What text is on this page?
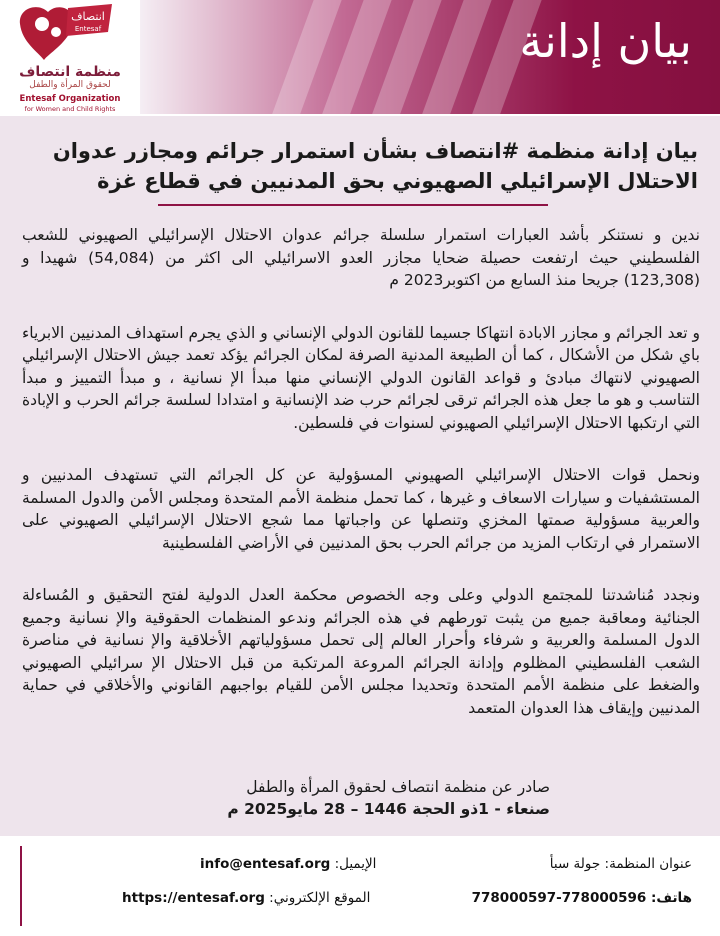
انتصاف
Entesaf
منظمة انتصاف
لحقوق المرأة والطفل
Entesaf Organization
for Women and Child Rights
بيان إدانة
بيان إدانة منظمة #انتصاف بشأن استمرار جرائم ومجازر عدوان الاحتلال الإسرائيلي الصهيوني بحق المدنيين في قطاع غزة

ندين و نستنكر بأشد العبارات استمرار سلسلة جرائم عدوان الاحتلال الإسرائيلي الصهيوني للشعب الفلسطيني حيث ارتفعت حصيلة ضحايا مجازر العدو الاسرائيلي الى اكثر من (54,084) شهيدا و (123,308) جريحا منذ السابع من اكتوبر2023 م

و تعد الجرائم و مجازر الابادة انتهاكا جسيما للقانون الدولي الإنساني و الذي يجرم استهداف المدنيين الابرياء باي شكل من الأشكال ، كما أن الطبيعة المدنية الصرفة لمكان الجرائم يؤكد تعمد جيش الاحتلال الإسرائيلي الصهيوني لانتهاك مبادئ و قواعد القانون الدولي الإنساني منها مبدأ الإ نسانية ، و مبدأ التمييز و مبدأ التناسب و هو ما جعل هذه الجرائم ترقى لجرائم حرب ضد الإنسانية و امتدادا لسلسة جرائم الحرب و الإبادة التي ارتكبها الاحتلال الإسرائيلي الصهيوني لسنوات في فلسطين.

ونحمل قوات الاحتلال الإسرائيلي الصهيوني المسؤولية عن كل الجرائم التي تستهدف المدنيين و المستشفيات و سيارات الاسعاف و غيرها ، كما تحمل منظمة الأمم المتحدة ومجلس الأمن والدول المسلمة والعربية مسؤولية صمتها المخزي وتنصلها عن واجباتها مما شجع الاحتلال الإسرائيلي الصهيوني على الاستمرار في ارتكاب المزيد من جرائم الحرب بحق المدنيين في الأراضي الفلسطينية

ونجدد مُناشدتنا للمجتمع الدولي وعلى وجه الخصوص محكمة العدل الدولية لفتح التحقيق و المُساءلة الجنائية ومعاقبة جميع من يثبت تورطهم في هذه الجرائم وندعو المنظمات الحقوقية والإ نسانية وجميع الدول المسلمة والعربية و شرفاء وأحرار العالم إلى تحمل مسؤولياتهم الأخلاقية والإ نسانية في مناصرة الشعب الفلسطيني المظلوم وإدانة الجرائم المروعة المرتكبة من قبل الاحتلال الإ سرائيلي الصهيوني والضغط على منظمة الأمم المتحدة وتحديدا مجلس الأمن للقيام بواجبهم القانوني والأخلاقي في حماية المدنيين وإيقاف هذا العدوان المتعمد

صادر عن منظمة انتصاف لحقوق المرأة والطفل
صنعاء - 1ذو الحجة 1446 – 28 مايو2025 م
عنوان المنظمة: جولة سبأ
هاتف: 778000597-778000596
الإيميل: info@entesaf.org
الموقع الإلكتروني: https://entesaf.org
